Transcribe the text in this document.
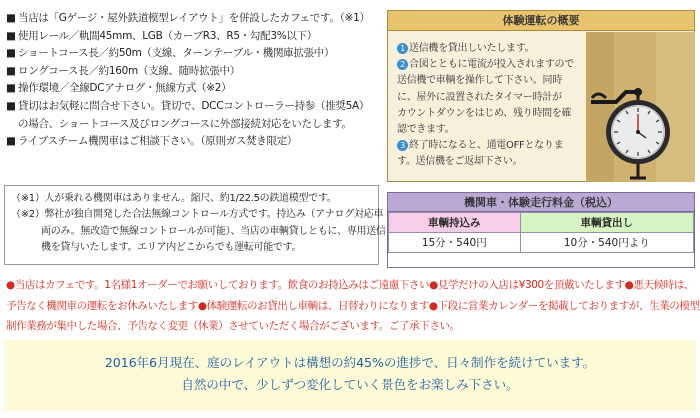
■ 当店は「Gゲージ・屋外鉄道模型レイアウト」を併設したカフェです。（※1）
■ 使用レール／軌間45mm、LGB（カーブR3、R5・勾配3%以下）
■ ショートコース長／約50m（支線、ターンテーブル・機関庫拡張中）
■ ロングコース長／約160m（支線、随時拡張中）
■ 操作環境／全線DCアナログ・無線方式（※2）
■ 貸切はお気軽に問合せ下さい。貸切で、DCCコントローラー持参（推奨5A）
の場合、ショートコース及びロングコースに外部接続対応をいたします。
■ ライブスチーム機関車はご相談下さい。（原則ガス焚き限定）

（※1）人が乗れる機関車はありません。縮尺、約1/22.5の鉄道模型です。

（※2）弊社が独自開発した合法無線コントロール方式です。持込み（アナログ対応車

両のみ。無改造で無線コントロールが可能）、当店の車輌貸しともに、専用送信

機を貸与いたします。エリア内どこからでも運転可能です。

体験運転の概要
1 送信機を貸出しいたします。
2 合図とともに電流が投入されますので
送信機で車輌を操作して下さい。同時
に、屋外に設置されたタイマー時計が
カウントダウンをはじめ、残り時間を確
認できます。
3 終了時になると、通電OFFとなりま
す。送信機をご返却下さい。
機関車・体験走行料金（税込）
車輌持込み	車輌貸出し
15分・540円	10分・540円より
●当店はカフェです。1名様1オーダーでお願いしております。飲食のお持込みはご遠慮下さい●見学だけの入店は¥300を頂戴いたします●悪天候時は、
予告なく機関車の運転をお休みいたします●体験運転のお貸出し車輌は、日替わりになります●下段に営業カレンダーを掲載しておりますが、生業の模型
制作業務が集中した場合、予告なく変更（休業）させていただく場合がございます。ご了承下さい。

2016年6月現在、庭のレイアウトは構想の約45%の進捗で、日々制作を続けています。

自然の中で、少しずつ変化していく景色をお楽しみ下さい。
